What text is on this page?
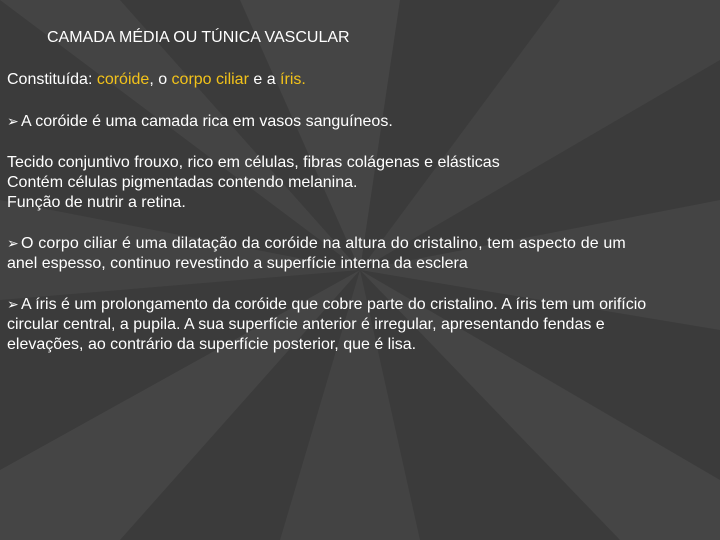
CAMADA MÉDIA OU TÚNICA VASCULAR

Constituída: coróide, o corpo ciliar e a íris.

➢ A coróide é uma camada rica em vasos sanguíneos.

Tecido conjuntivo frouxo, rico em células, fibras colágenas e elásticas

Contém células pigmentadas contendo melanina.

Função de nutrir a retina.

➢ O corpo ciliar é uma dilatação da coróide na altura do cristalino, tem aspecto de um

anel espesso, continuo revestindo a superfície interna da esclera

➢ A íris é um prolongamento da coróide que cobre parte do cristalino. A íris tem um orifício

circular central, a pupila. A sua superfície anterior é irregular, apresentando fendas e

elevações, ao contrário da superfície posterior, que é lisa.
